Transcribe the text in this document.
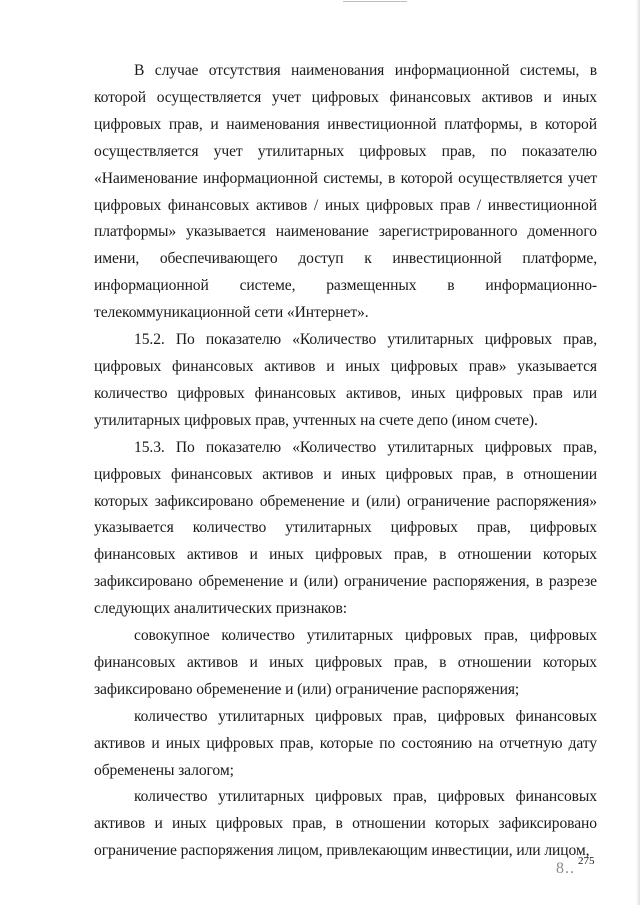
В случае отсутствия наименования информационной системы, в которой осуществляется учет цифровых финансовых активов и иных цифровых прав, и наименования инвестиционной платформы, в которой осуществляется учет утилитарных цифровых прав, по показателю «Наименование информационной системы, в которой осуществляется учет цифровых финансовых активов / иных цифровых прав / инвестиционной платформы» указывается наименование зарегистрированного доменного имени, обеспечивающего доступ к инвестиционной платформе, информационной системе, размещенных в информационно-телекоммуникационной сети «Интернет».

15.2. По показателю «Количество утилитарных цифровых прав, цифровых финансовых активов и иных цифровых прав» указывается количество цифровых финансовых активов, иных цифровых прав или утилитарных цифровых прав, учтенных на счете депо (ином счете).

15.3. По показателю «Количество утилитарных цифровых прав, цифровых финансовых активов и иных цифровых прав, в отношении которых зафиксировано обременение и (или) ограничение распоряжения» указывается количество утилитарных цифровых прав, цифровых финансовых активов и иных цифровых прав, в отношении которых зафиксировано обременение и (или) ограничение распоряжения, в разрезе следующих аналитических признаков:

совокупное количество утилитарных цифровых прав, цифровых финансовых активов и иных цифровых прав, в отношении которых зафиксировано обременение и (или) ограничение распоряжения;

количество утилитарных цифровых прав, цифровых финансовых активов и иных цифровых прав, которые по состоянию на отчетную дату обременены залогом;

количество утилитарных цифровых прав, цифровых финансовых активов и иных цифровых прав, в отношении которых зафиксировано ограничение распоряжения лицом, привлекающим инвестиции, или лицом,

8.. 275
